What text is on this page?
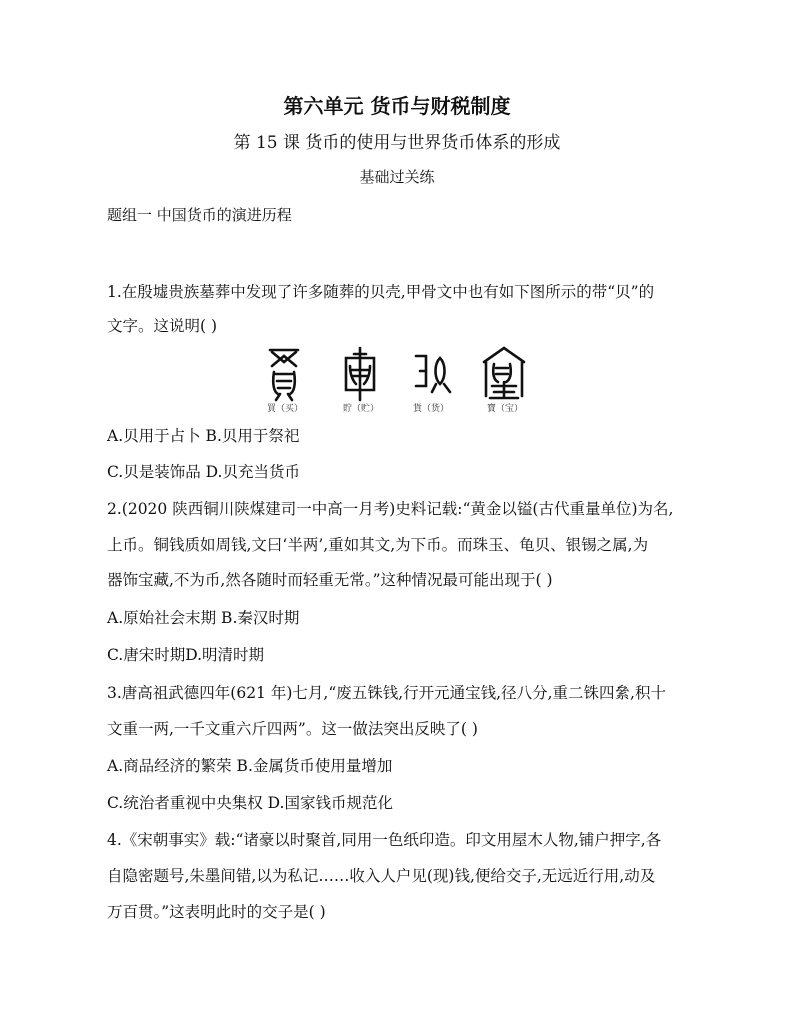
第六单元 货币与财税制度
第 15 课 货币的使用与世界货币体系的形成
基础过关练
题组一 中国货币的演进历程
1.在殷墟贵族墓葬中发现了许多随葬的贝壳,甲骨文中也有如下图所示的带“贝”的
文字。这说明( )
買（买）	貯（贮）	貨（货）	寶（宝）
A.贝用于占卜 B.贝用于祭祀
C.贝是装饰品 D.贝充当货币
2.(2020 陕西铜川陕煤建司一中高一月考)史料记载:“黄金以镒(古代重量单位)为名,
上币。铜钱质如周钱,文曰‘半两’,重如其文,为下币。而珠玉、龟贝、银锡之属,为
器饰宝藏,不为币,然各随时而轻重无常。”这种情况最可能出现于( )
A.原始社会末期 B.秦汉时期
C.唐宋时期D.明清时期
3.唐高祖武德四年(621 年)七月,“废五铢钱,行开元通宝钱,径八分,重二铢四絫,积十
文重一两,一千文重六斤四两”。这一做法突出反映了( )
A.商品经济的繁荣 B.金属货币使用量增加
C.统治者重视中央集权 D.国家钱币规范化
4.《宋朝事实》载:“诸豪以时聚首,同用一色纸印造。印文用屋木人物,铺户押字,各
自隐密题号,朱墨间错,以为私记……收入人户见(现)钱,便给交子,无远近行用,动及
万百贯。”这表明此时的交子是( )
